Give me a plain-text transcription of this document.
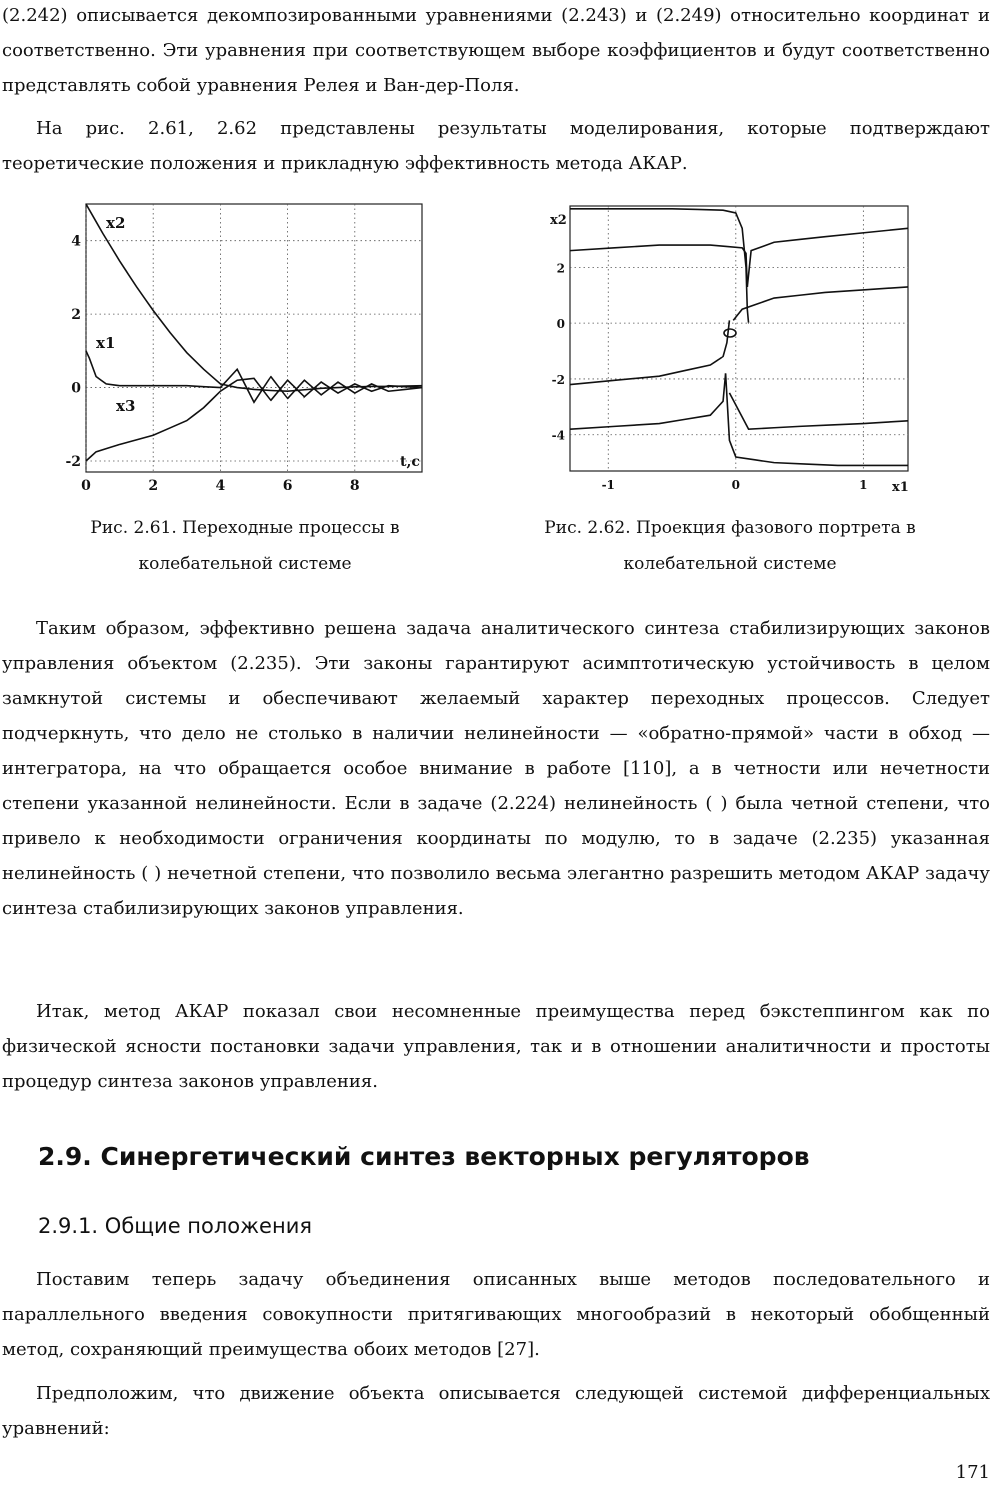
(2.242) описывается декомпозированными уравнениями (2.243) и (2.249) относительно координат и соответственно. Эти уравнения при соответствующем выборе коэффициентов и будут соответственно представлять собой уравнения Релея и Ван-дер-Поля.

На рис. 2.61, 2.62 представлены результаты моделирования, которые подтверждают теоретические положения и прикладную эффективность метода АКАР.

0	2	4	6	8
4
2
0
-2
x2
x1
x3
t,c
-1	0	1
2
0
-2
-4
x2
x1
Рис. 2.61. Переходные процессы в
колебательной системе
Рис. 2.62. Проекция фазового портрета в
колебательной системе

Таким образом, эффективно решена задача аналитического синтеза стабилизирующих законов управления объектом (2.235). Эти законы гарантируют асимптотическую устойчивость в целом замкнутой системы и обеспечивают желаемый характер переходных процессов. Следует подчеркнуть, что дело не столько в наличии нелинейности — «обратно-прямой» части в обход — интегратора, на что обращается особое внимание в работе [110], а в четности или нечетности степени указанной нелинейности. Если в задаче (2.224) нелинейность ( ) была четной степени, что привело к необходимости ограничения координаты по модулю, то в задаче (2.235) указанная нелинейность ( ) нечетной степени, что позволило весьма элегантно разрешить методом АКАР задачу синтеза стабилизирующих законов управления.

Итак, метод АКАР показал свои несомненные преимущества перед бэкстеппингом как по физической ясности постановки задачи управления, так и в отношении аналитичности и простоты процедур синтеза законов управления.

2.9. Синергетический синтез векторных регуляторов
2.9.1. Общие положения

Поставим теперь задачу объединения описанных выше методов последовательного и параллельного введения совокупности притягивающих многообразий в некоторый обобщенный метод, сохраняющий преимущества обоих методов [27].

Предположим, что движение объекта описывается следующей системой дифференциальных уравнений:

171
